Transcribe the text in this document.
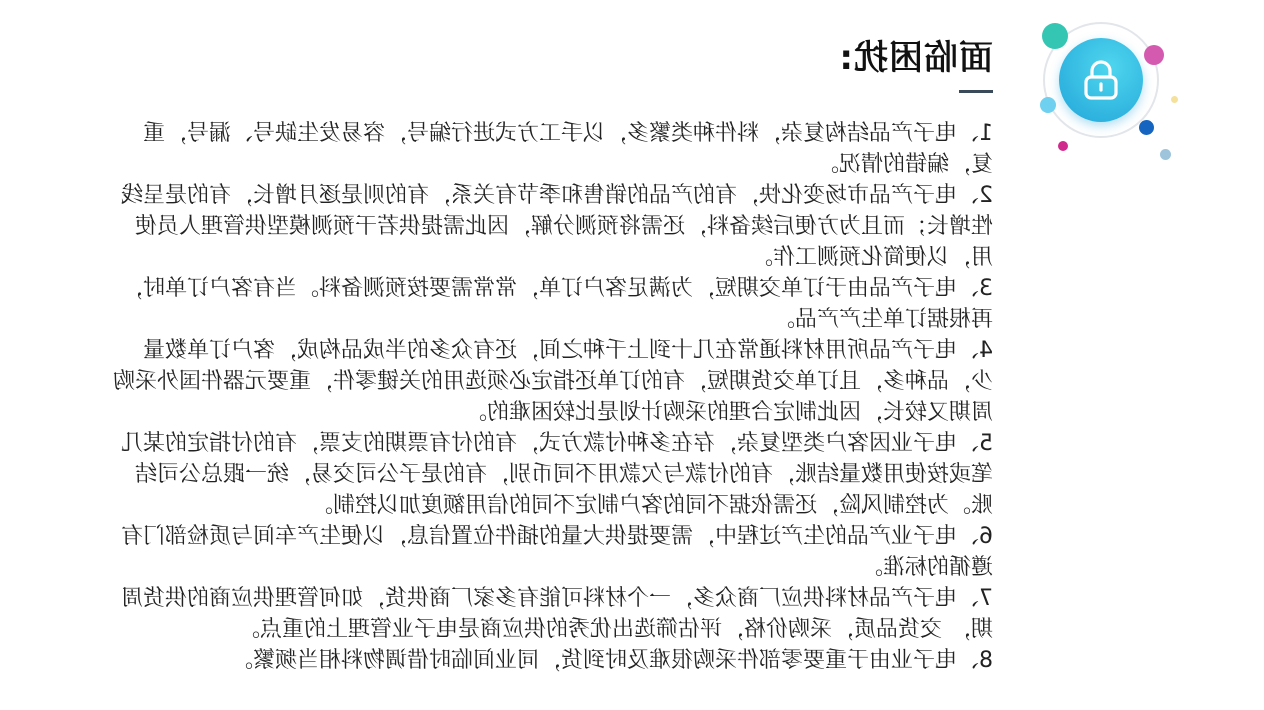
面临困扰:

1、电子产品结构复杂，料件种类繁多，以手工方式进行编号，容易发生缺号、漏号，重复，编错的情况。

2、电子产品市场变化快，有的产品的销售和季节有关系，有的则是逐月增长，有的是呈线性增长；而且为方便后续备料，还需将预测分解，因此需提供若干预测模型供管理人员使用，以便简化预测工作。

3、电子产品由于订单交期短，为满足客户订单，常常需要按预测备料。当有客户订单时，再根据订单生产产品。

4、电子产品所用材料通常在几十到上千种之间，还有众多的半成品构成，客户订单数量少，品种多，且订单交货期短，有的订单还指定必须选用的关键零件，重要元器件国外采购周期又较长，因此制定合理的采购计划是比较困难的。

5、电子业因客户类型复杂，存在多种付款方式，有的付有票期的支票，有的付指定的某几笔或按使用数量结账，有的付款与欠款用不同币别，有的是子公司交易，统一跟总公司结账。为控制风险，还需依据不同的客户制定不同的信用额度加以控制。

6、电子业产品的生产过程中，需要提供大量的插件位置信息，以便生产车间与质检部门有遵循的标准。

7、电子产品材料供应厂商众多，一个材料可能有多家厂商供货，如何管理供应商的供货周期， 交货品质，采购价格，评估筛选出优秀的供应商是电子业管理上的重点。

8、电子业由于重要零部件采购很难及时到货，同业间临时借调物料相当频繁。
